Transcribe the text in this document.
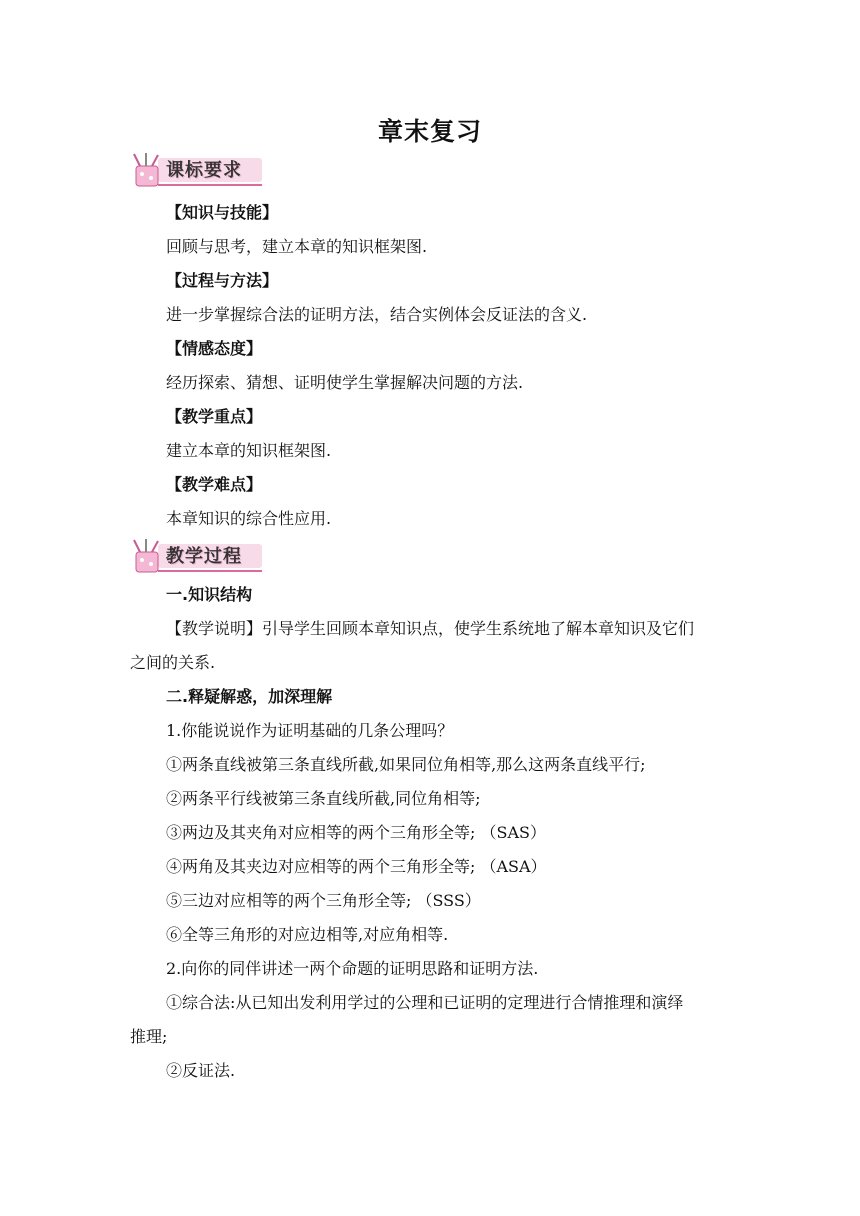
章末复习
课标要求
【知识与技能】
回顾与思考，建立本章的知识框架图.
【过程与方法】
进一步掌握综合法的证明方法，结合实例体会反证法的含义.
【情感态度】
经历探索、猜想、证明使学生掌握解决问题的方法.
【教学重点】
建立本章的知识框架图.
【教学难点】
本章知识的综合性应用.
教学过程
一.知识结构
【教学说明】引导学生回顾本章知识点，使学生系统地了解本章知识及它们
之间的关系.
二.释疑解惑，加深理解
1.你能说说作为证明基础的几条公理吗？
①两条直线被第三条直线所截,如果同位角相等,那么这两条直线平行;
②两条平行线被第三条直线所截,同位角相等;
③两边及其夹角对应相等的两个三角形全等; （SAS）
④两角及其夹边对应相等的两个三角形全等; （ASA）
⑤三边对应相等的两个三角形全等; （SSS）
⑥全等三角形的对应边相等,对应角相等.
2.向你的同伴讲述一两个命题的证明思路和证明方法.
①综合法:从已知出发利用学过的公理和已证明的定理进行合情推理和演绎
推理;
②反证法.
